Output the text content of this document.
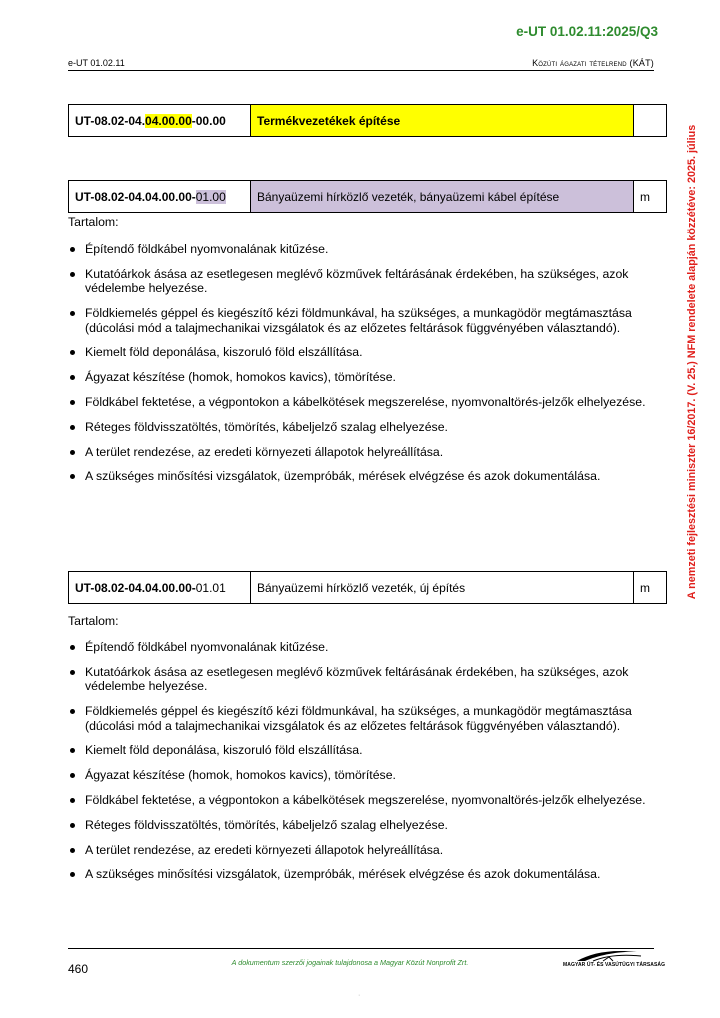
e-UT 01.02.11:2025/Q3
e-UT 01.02.11	Közúti ágazati tételrend (KÁT)
A nemzeti fejlesztési miniszter 16/2017. (V. 25.) NFM rendelete alapján közzétéve: 2025. július
UT-08.02-04.04.00.00-00.00	Termékvezetékek építése	
UT-08.02-04.04.00.00-01.00	Bányaüzemi hírközlő vezeték, bányaüzemi kábel építése	m
Tartalom:
Építendő földkábel nyomvonalának kitűzése.
Kutatóárkok ásása az esetlegesen meglévő közművek feltárásának érdekében, ha szükséges, azok védelembe helyezése.
Földkiemelés géppel és kiegészítő kézi földmunkával, ha szükséges, a munkagödör megtámasztása (dúcolási mód a talajmechanikai vizsgálatok és az előzetes feltárások függvényében választandó).
Kiemelt föld deponálása, kiszoruló föld elszállítása.
Ágyazat készítése (homok, homokos kavics), tömörítése.
Földkábel fektetése, a végpontokon a kábelkötések megszerelése, nyomvonaltörés-jelzők elhelyezése.
Réteges földvisszatöltés, tömörítés, kábeljelző szalag elhelyezése.
A terület rendezése, az eredeti környezeti állapotok helyreállítása.
A szükséges minősítési vizsgálatok, üzempróbák, mérések elvégzése és azok dokumentálása.
UT-08.02-04.04.00.00-01.01	Bányaüzemi hírközlő vezeték, új építés	m
Tartalom:
Építendő földkábel nyomvonalának kitűzése.
Kutatóárkok ásása az esetlegesen meglévő közművek feltárásának érdekében, ha szükséges, azok védelembe helyezése.
Földkiemelés géppel és kiegészítő kézi földmunkával, ha szükséges, a munkagödör megtámasztása (dúcolási mód a talajmechanikai vizsgálatok és az előzetes feltárások függvényében választandó).
Kiemelt föld deponálása, kiszoruló föld elszállítása.
Ágyazat készítése (homok, homokos kavics), tömörítése.
Földkábel fektetése, a végpontokon a kábelkötések megszerelése, nyomvonaltörés-jelzők elhelyezése.
Réteges földvisszatöltés, tömörítés, kábeljelző szalag elhelyezése.
A terület rendezése, az eredeti környezeti állapotok helyreállítása.
A szükséges minősítési vizsgálatok, üzempróbák, mérések elvégzése és azok dokumentálása.
460	A dokumentum szerzői jogainak tulajdonosa a Magyar Közút Nonprofit Zrt.	MAGYAR ÚT- ÉS VASÚTÜGYI TÁRSASÁG
·
